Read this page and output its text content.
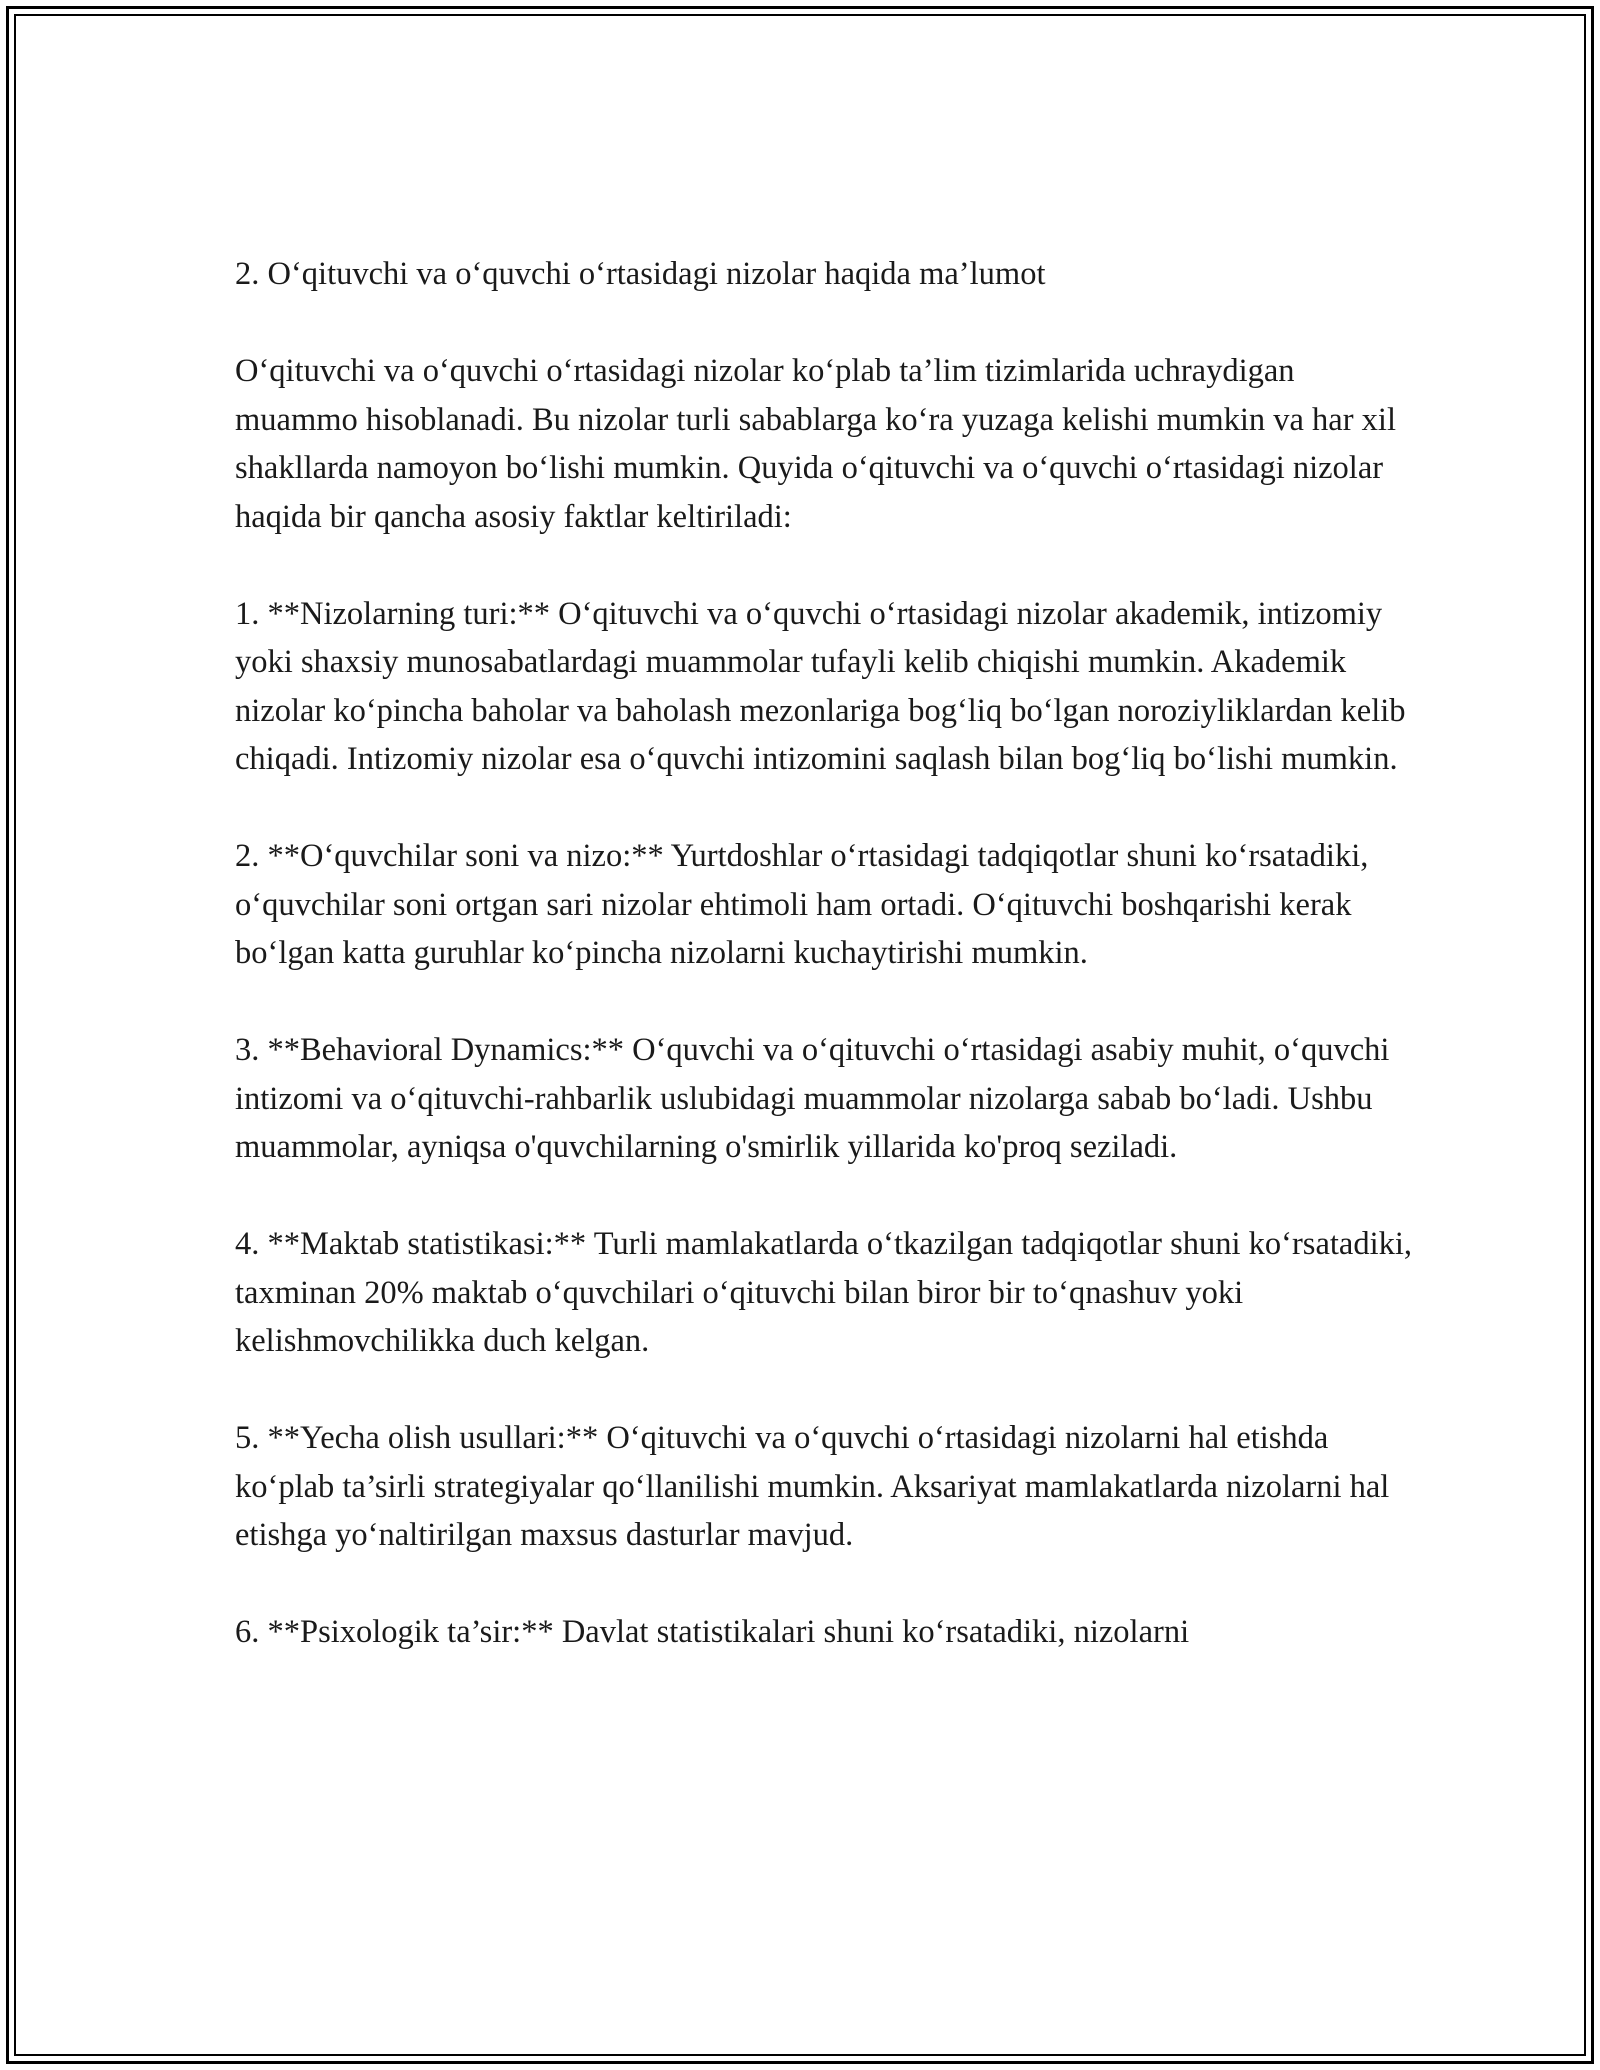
2. O‘qituvchi va o‘quvchi o‘rtasidagi nizolar haqida ma’lumot

O‘qituvchi va o‘quvchi o‘rtasidagi nizolar ko‘plab ta’lim tizimlarida uchraydigan muammo hisoblanadi. Bu nizolar turli sabablarga ko‘ra yuzaga kelishi mumkin va har xil shakllarda namoyon bo‘lishi mumkin. Quyida o‘qituvchi va o‘quvchi o‘rtasidagi nizolar haqida bir qancha asosiy faktlar keltiriladi:

1. **Nizolarning turi:** O‘qituvchi va o‘quvchi o‘rtasidagi nizolar akademik, intizomiy yoki shaxsiy munosabatlardagi muammolar tufayli kelib chiqishi mumkin. Akademik nizolar ko‘pincha baholar va baholash mezonlariga bog‘liq bo‘lgan noroziyliklardan kelib chiqadi. Intizomiy nizolar esa o‘quvchi intizomini saqlash bilan bog‘liq bo‘lishi mumkin.

2. **O‘quvchilar soni va nizo:** Yurtdoshlar o‘rtasidagi tadqiqotlar shuni ko‘rsatadiki, o‘quvchilar soni ortgan sari nizolar ehtimoli ham ortadi. O‘qituvchi boshqarishi kerak bo‘lgan katta guruhlar ko‘pincha nizolarni kuchaytirishi mumkin.

3. **Behavioral Dynamics:** O‘quvchi va o‘qituvchi o‘rtasidagi asabiy muhit, o‘quvchi intizomi va o‘qituvchi-rahbarlik uslubidagi muammolar nizolarga sabab bo‘ladi. Ushbu muammolar, ayniqsa o'quvchilarning o'smirlik yillarida ko'proq seziladi.

4. **Maktab statistikasi:** Turli mamlakatlarda o‘tkazilgan tadqiqotlar shuni ko‘rsatadiki, taxminan 20% maktab o‘quvchilari o‘qituvchi bilan biror bir to‘qnashuv yoki kelishmovchilikka duch kelgan.

5. **Yecha olish usullari:** O‘qituvchi va o‘quvchi o‘rtasidagi nizolarni hal etishda ko‘plab ta’sirli strategiyalar qo‘llanilishi mumkin. Aksariyat mamlakatlarda nizolarni hal etishga yo‘naltirilgan maxsus dasturlar mavjud.

6. **Psixologik ta’sir:** Davlat statistikalari shuni ko‘rsatadiki, nizolarni
